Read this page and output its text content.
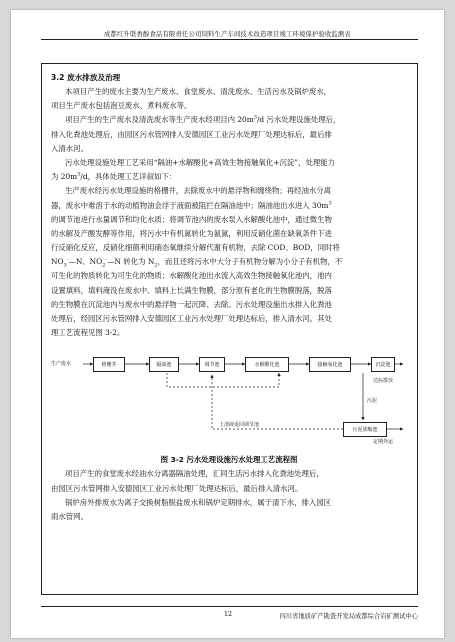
成都红升联香醇食品有限责任公司饲料生产车间技术改造项目竣工环境保护验收监测表
3.2 废水排放及治理
本项目产生的废水主要为生产废水、食堂废水、清洗废水、生活污水及锅炉废水，
项目生产废水包括泡豆废水、煮料废水等。
项目产生的生产废水及清洗废水等生产废水经项目内 $20m^3/d$ 污水处理设施处理后，
排入化粪池处理后，由园区污水管网排入安德园区工业污水处理厂处理达标后，最后排
入清水河。
污水处理设施处理工艺采用“隔油+水解酸化+高效生物接触氧化+沉淀”，处理能力
为 $20m^3/d$，具体处理工艺详叙如下：
生产废水经污水处理设施的格栅井，去除废水中的悬浮物和缠绕物；再经油水分离
器，废水中难溶于水的动植物油会浮于液面被阻拦在隔油池中；隔油池出水进入 $30m^3$
的调节池进行水量调节和均化水质；将调节池内的废水泵入水解酸化池中，通过微生物
的水解及产酸发酵等作用，将污水中有机氮转化为氨氮，利用反硝化菌在缺氧条件下进
行反硝化反应，反硝化细菌利用硝态氧继续分解代谢有机物，去除 COD、BOD，同时将
$NO_3^-—N$、$NO_2^-—N$ 转化为 $N_2$，而且还将污水中大分子有机物分解为小分子有机物，不
可生化的物质转化为可生化的物质；水解酸化池出水流入高效生物接触氧化池内，池内
设置填料，填料淹没在废水中。填料上长满生物膜，部分原有老化的生物膜脱落，脱落
的生物膜在沉淀池内与废水中的悬浮物一起沉降、去除。污水处理设施出水排入化粪池
处理后，经园区污水管网排入安德园区工业污水处理厂处理达标后，排入清水河。其处
理工艺流程见图 3-2。
生产废水	格栅井	隔油池	调节池	水解酸化池	接触氧化池	沉淀池
达标排放
污泥
污泥浓缩池
定期外运
上清液返回调节池
图 3-2 污水处理设施污水处理工艺流程图
项目产生的食堂废水经油水分离器隔油处理，汇同生活污水排入化粪池处理后，
由园区污水管网排入安德园区工业污水处理厂处理达标后，最后排入清水河。
锅炉房外排废水为离子交换树脂脱盐废水和锅炉定期排水，属于清下水，排入园区
雨水管网。
12	四川省地质矿产勘查开发局成都综合岩矿测试中心
